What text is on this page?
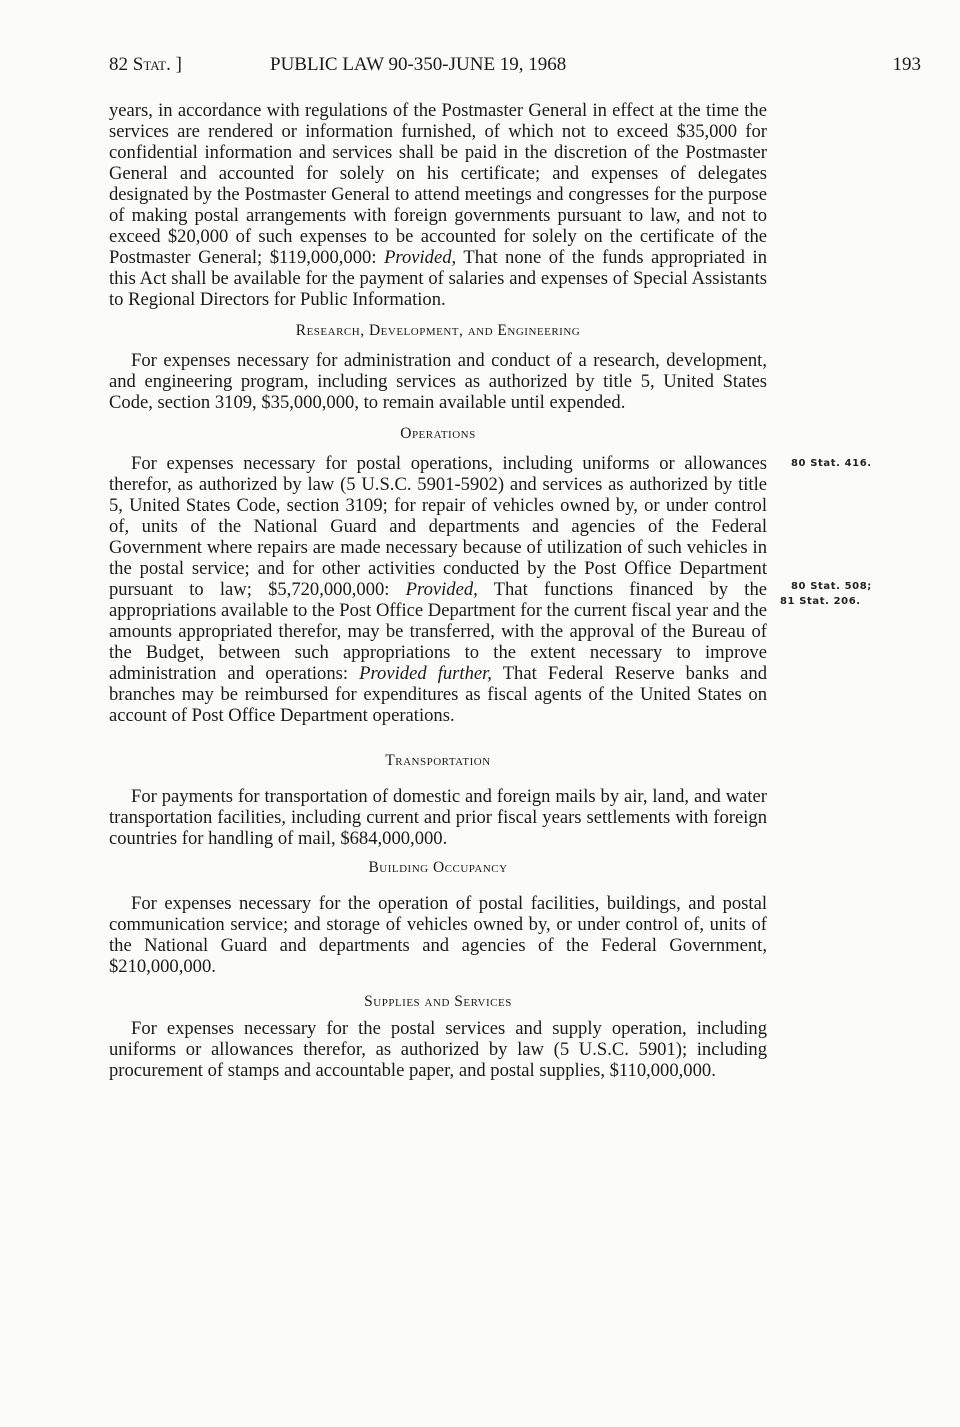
82 Stat. ]	PUBLIC LAW 90-350-JUNE 19, 1968	193

years, in accordance with regulations of the Postmaster General in effect at the time the services are rendered or information furnished, of which not to exceed $35,000 for confidential information and services shall be paid in the discretion of the Postmaster General and accounted for solely on his certificate; and expenses of delegates designated by the Postmaster General to attend meetings and congresses for the purpose of making postal arrangements with foreign governments pursuant to law, and not to exceed $20,000 of such expenses to be accounted for solely on the certificate of the Postmaster General; $119,000,000: Provided, That none of the funds appropriated in this Act shall be available for the payment of salaries and expenses of Special Assistants to Regional Directors for Public Information.

Research, Development, and Engineering

For expenses necessary for administration and conduct of a research, development, and engineering program, including services as authorized by title 5, United States Code, section 3109, $35,000,000, to remain available until expended.

Operations

For expenses necessary for postal operations, including uniforms or allowances therefor, as authorized by law (5 U.S.C. 5901-5902) and services as authorized by title 5, United States Code, section 3109; for repair of vehicles owned by, or under control of, units of the National Guard and departments and agencies of the Federal Government where repairs are made necessary because of utilization of such vehicles in the postal service; and for other activities conducted by the Post Office Department pursuant to law; $5,720,000,000: Provided, That functions financed by the appropriations available to the Post Office Department for the current fiscal year and the amounts appropriated therefor, may be transferred, with the approval of the Bureau of the Budget, between such appropriations to the extent necessary to improve administration and operations: Provided further, That Federal Reserve banks and branches may be reimbursed for expenditures as fiscal agents of the United States on account of Post Office Department operations.

Transportation

For payments for transportation of domestic and foreign mails by air, land, and water transportation facilities, including current and prior fiscal years settlements with foreign countries for handling of mail, $684,000,000.

Building Occupancy

For expenses necessary for the operation of postal facilities, buildings, and postal communication service; and storage of vehicles owned by, or under control of, units of the National Guard and departments and agencies of the Federal Government, $210,000,000.

Supplies and Services

For expenses necessary for the postal services and supply operation, including uniforms or allowances therefor, as authorized by law (5 U.S.C. 5901); including procurement of stamps and accountable paper, and postal supplies, $110,000,000.

80 Stat. 416.
80 Stat. 508;
81 Stat. 206.
